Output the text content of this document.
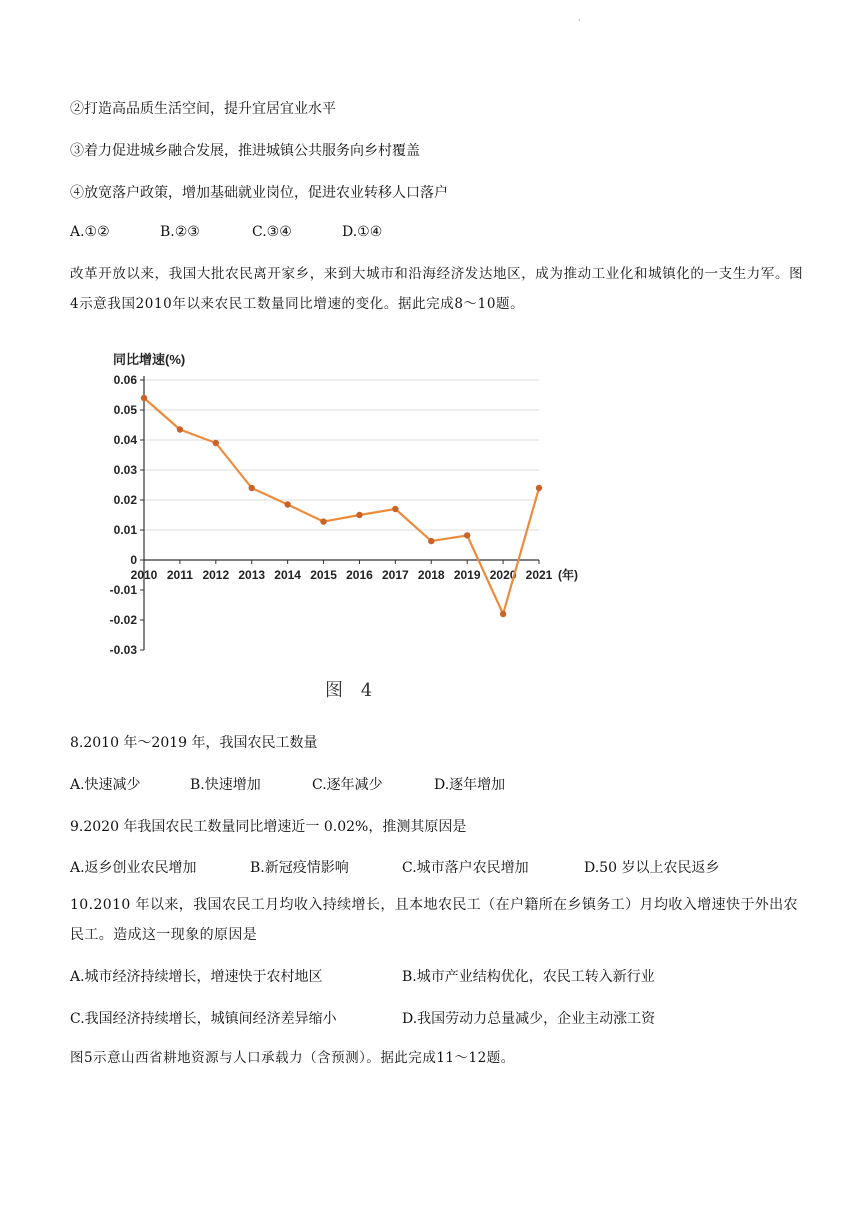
·
②打造高品质生活空间，提升宜居宜业水平
③着力促进城乡融合发展，推进城镇公共服务向乡村覆盖
④放宽落户政策，增加基础就业岗位，促进农业转移人口落户
A.①②	B.②③	C.③④	D.①④
改革开放以来，我国大批农民离开家乡，来到大城市和沿海经济发达地区，成为推动工业化和城镇化的一支生力军。图4示意我国2010年以来农民工数量同比增速的变化。据此完成8～10题。
同比增速(%)
0.06
0.05
0.04
0.03
0.02
0.01
0
-0.01
-0.02
-0.03
2010 2011 2012 2013 2014 2015 2016 2017 2018 2019 2020 2021 (年)
图 4
8.2010 年～2019 年，我国农民工数量
A.快速减少	B.快速增加	C.逐年减少	D.逐年增加
9.2020 年我国农民工数量同比增速近一 0.02%，推测其原因是
A.返乡创业农民增加	B.新冠疫情影响	C.城市落户农民增加	D.50 岁以上农民返乡
10.2010 年以来，我国农民工月均收入持续增长，且本地农民工（在户籍所在乡镇务工）月均收入增速快于外出农民工。造成这一现象的原因是
A.城市经济持续增长，增速快于农村地区	B.城市产业结构优化，农民工转入新行业
C.我国经济持续增长，城镇间经济差异缩小	D.我国劳动力总量减少，企业主动涨工资
图5示意山西省耕地资源与人口承载力（含预测）。据此完成11～12题。
